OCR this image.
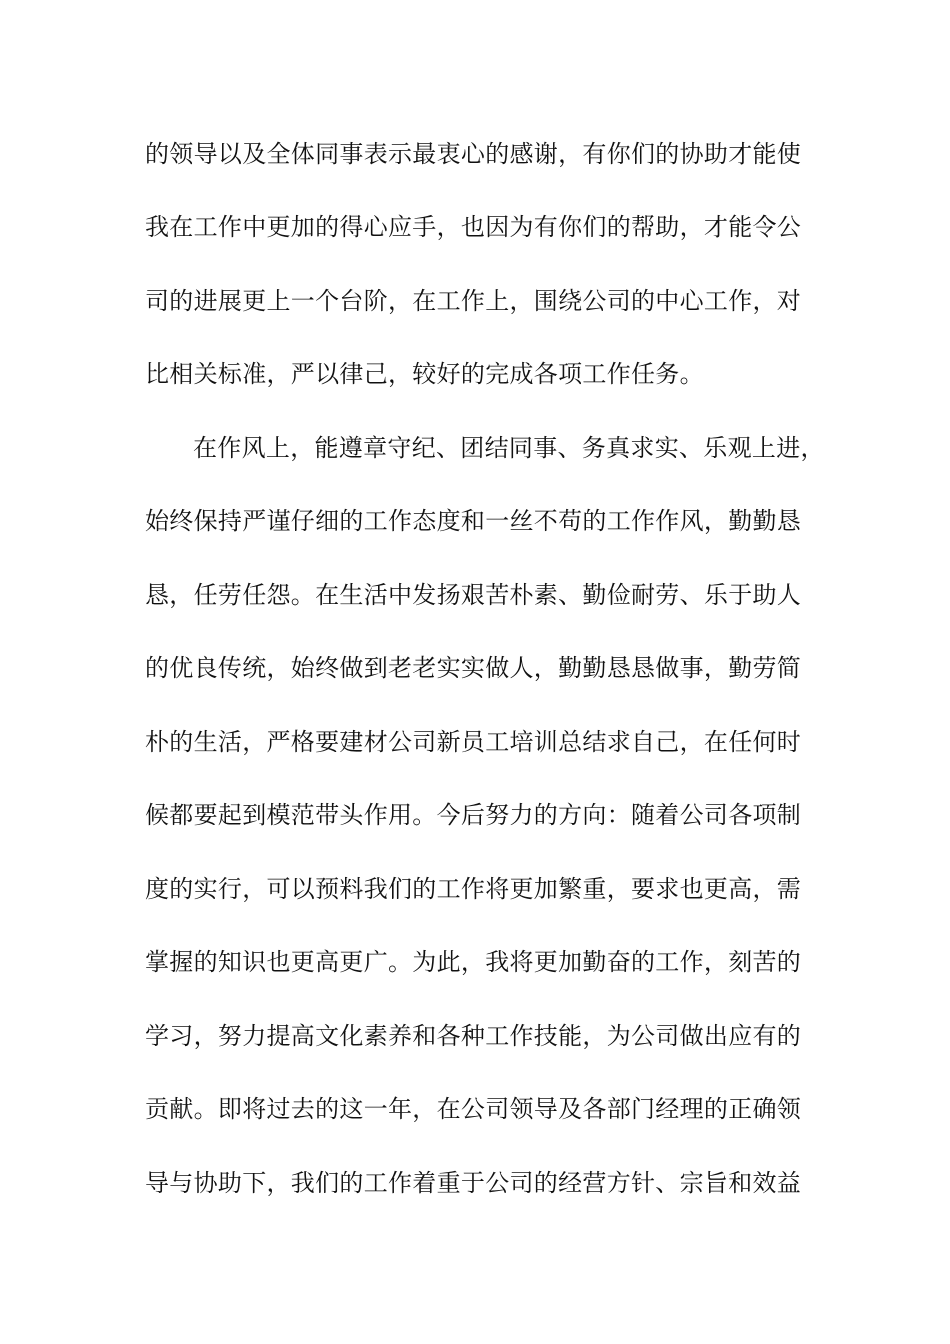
的领导以及全体同事表示最衷心的感谢，有你们的协助才能使
我在工作中更加的得心应手，也因为有你们的帮助，才能令公
司的进展更上一个台阶，在工作上，围绕公司的中心工作，对
比相关标准，严以律己，较好的完成各项工作任务。
在作风上，能遵章守纪、团结同事、务真求实、乐观上进，
始终保持严谨仔细的工作态度和一丝不苟的工作作风，勤勤恳
恳，任劳任怨。在生活中发扬艰苦朴素、勤俭耐劳、乐于助人
的优良传统，始终做到老老实实做人，勤勤恳恳做事，勤劳简
朴的生活，严格要建材公司新员工培训总结求自己，在任何时
候都要起到模范带头作用。今后努力的方向：随着公司各项制
度的实行，可以预料我们的工作将更加繁重，要求也更高，需
掌握的知识也更高更广。为此，我将更加勤奋的工作，刻苦的
学习，努力提高文化素养和各种工作技能，为公司做出应有的
贡献。即将过去的这一年，在公司领导及各部门经理的正确领
导与协助下，我们的工作着重于公司的经营方针、宗旨和效益
